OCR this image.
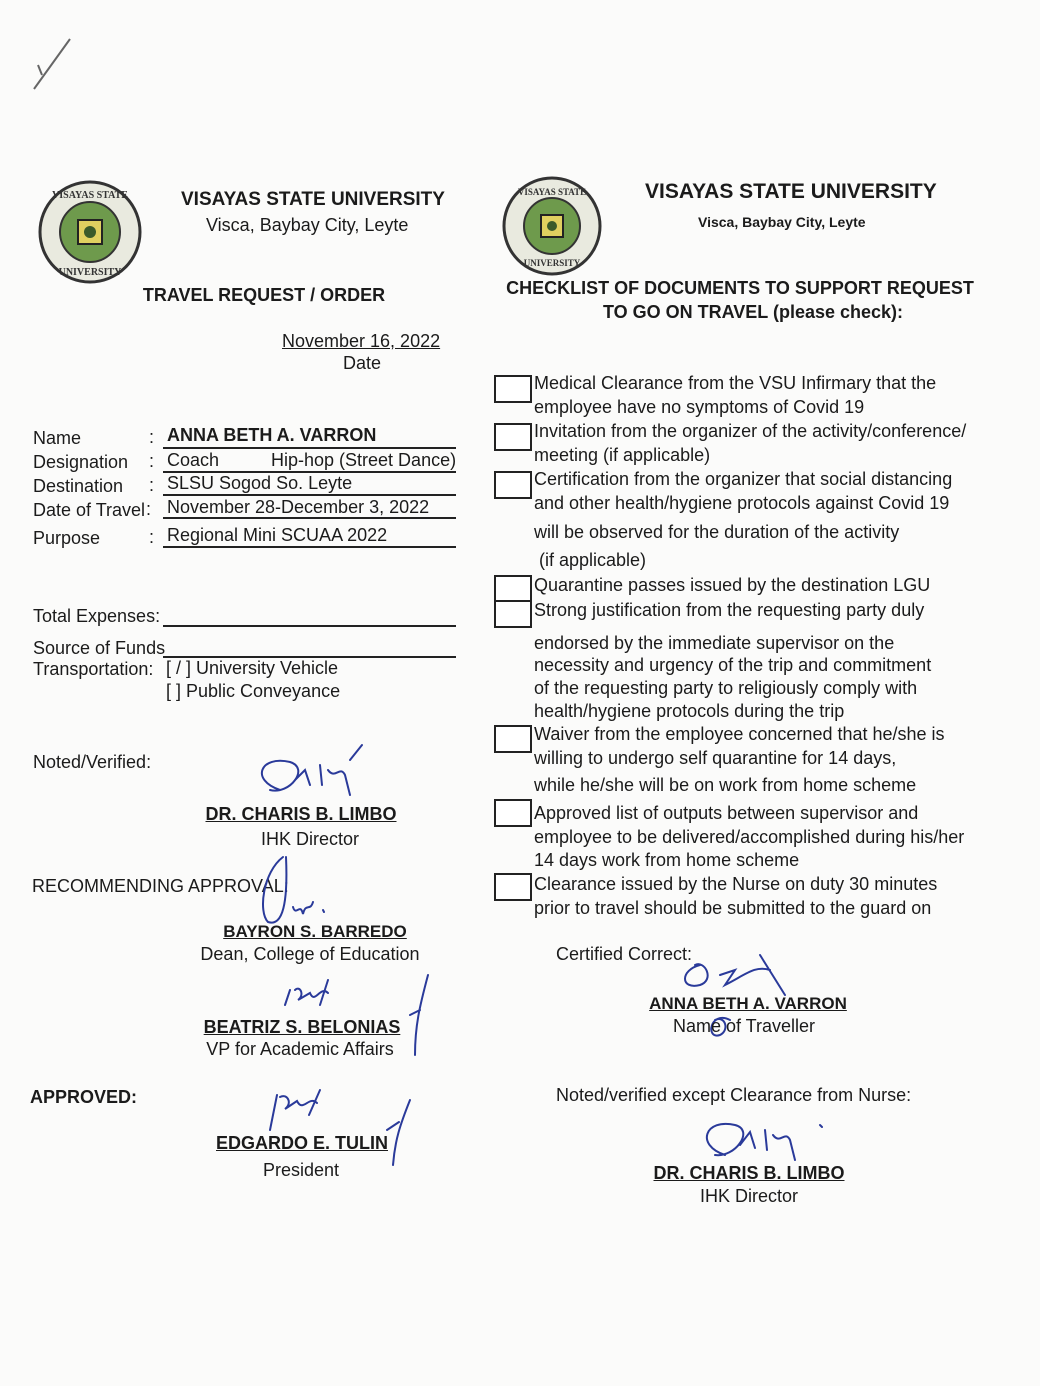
VISAYAS STATE
UNIVERSITY
VISAYAS STATE UNIVERSITY
Visca, Baybay City, Leyte
TRAVEL REQUEST / ORDER
November 16, 2022
Date
Name	: ANNA BETH A. VARRON
Designation : Coach	Hip-hop (Street Dance)
Destination : SLSU Sogod So. Leyte
Date of Travel : November 28-December 3, 2022
Purpose	: Regional Mini SCUAA 2022
Total Expenses:
Source of Funds
Transportation: [ / ] University Vehicle
[ ] Public Conveyance
Noted/Verified:
DR. CHARIS B. LIMBO
IHK Director
RECOMMENDING APPROVAL:
BAYRON S. BARREDO
Dean, College of Education
BEATRIZ S. BELONIAS
VP for Academic Affairs
APPROVED:
EDGARDO E. TULIN
President
VISAYAS STATE
UNIVERSITY
VISAYAS STATE UNIVERSITY
Visca, Baybay City, Leyte
CHECKLIST OF DOCUMENTS TO SUPPORT REQUEST
TO GO ON TRAVEL (please check):
Medical Clearance from the VSU Infirmary that the
employee have no symptoms of Covid 19
Invitation from the organizer of the activity/conference/
meeting (if applicable)
Certification from the organizer that social distancing
and other health/hygiene protocols against Covid 19
will be observed for the duration of the activity
(if applicable)
Quarantine passes issued by the destination LGU
Strong justification from the requesting party duly
endorsed by the immediate supervisor on the
necessity and urgency of the trip and commitment
of the requesting party to religiously comply with
health/hygiene protocols during the trip
Waiver from the employee concerned that he/she is
willing to undergo self quarantine for 14 days,
while he/she will be on work from home scheme
Approved list of outputs between supervisor and
employee to be delivered/accomplished during his/her
14 days work from home scheme
Clearance issued by the Nurse on duty 30 minutes
prior to travel should be submitted to the guard on
Certified Correct:
ANNA BETH A. VARRON
Name of Traveller
Noted/verified except Clearance from Nurse:
DR. CHARIS B. LIMBO
IHK Director
